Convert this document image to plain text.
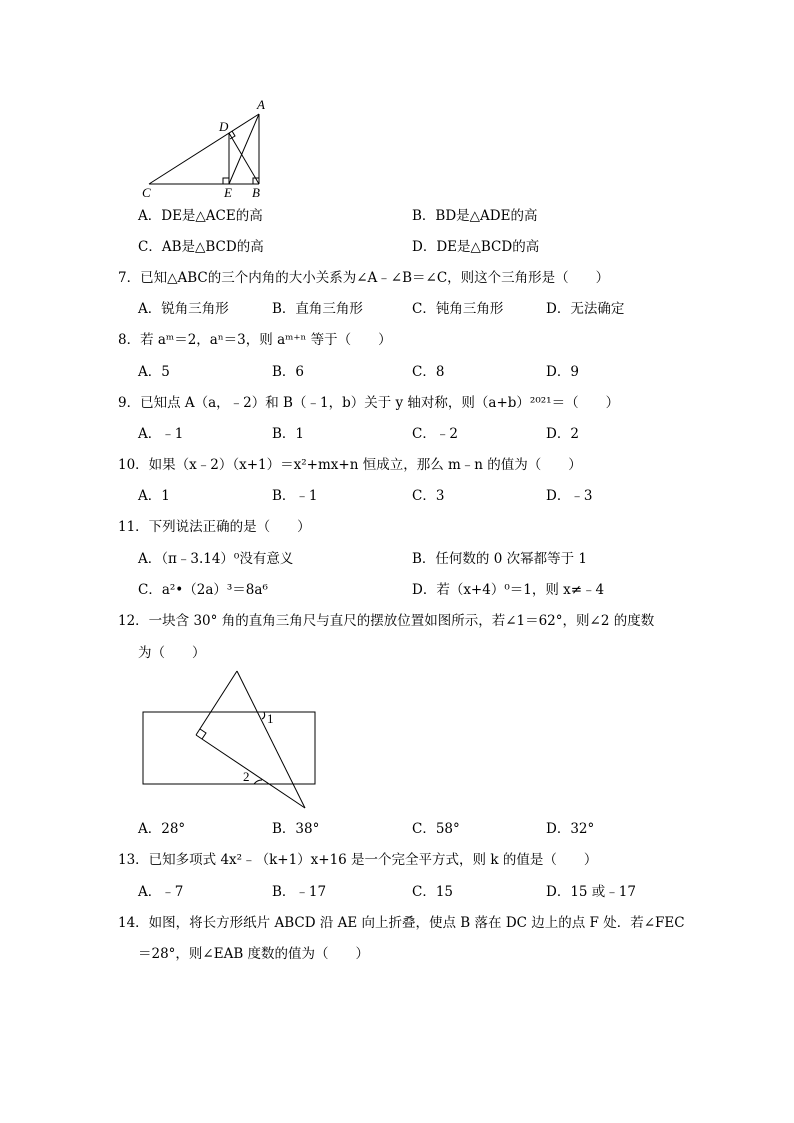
A
D
C	E B
A．DE是△ACE的高	B．BD是△ADE的高
C．AB是△BCD的高	D．DE是△BCD的高
7．已知△ABC的三个内角的大小关系为∠A﹣∠B＝∠C，则这个三角形是（　　）
A．锐角三角形	B．直角三角形	C．钝角三角形	D．无法确定
8．若 aᵐ＝2，aⁿ＝3，则 aᵐ⁺ⁿ 等于（　　）
A．5	B．6	C．8	D．9
9．已知点 A（a，﹣2）和 B（﹣1，b）关于 y 轴对称，则（a+b）²⁰²¹＝（　　）
A．﹣1	B．1	C．﹣2	D．2
10．如果（x﹣2）（x+1）＝x²+mx+n 恒成立，那么 m﹣n 的值为（　　）
A．1	B．﹣1	C．3	D．﹣3
11．下列说法正确的是（　　）
A．（π﹣3.14）⁰没有意义	B．任何数的 0 次幂都等于 1
C．a²•（2a）³＝8a⁶	D．若（x+4）⁰＝1，则 x≠﹣4
12．一块含 30° 角的直角三角尺与直尺的摆放位置如图所示，若∠1＝62°，则∠2 的度数
为（　　）
1
2
A．28°	B．38°	C．58°	D．32°
13．已知多项式 4x²﹣（k+1）x+16 是一个完全平方式，则 k 的值是（　　）
A．﹣7	B．﹣17	C．15	D．15 或﹣17
14．如图，将长方形纸片 ABCD 沿 AE 向上折叠，使点 B 落在 DC 边上的点 F 处．若∠FEC
＝28°，则∠EAB 度数的值为（　　）
